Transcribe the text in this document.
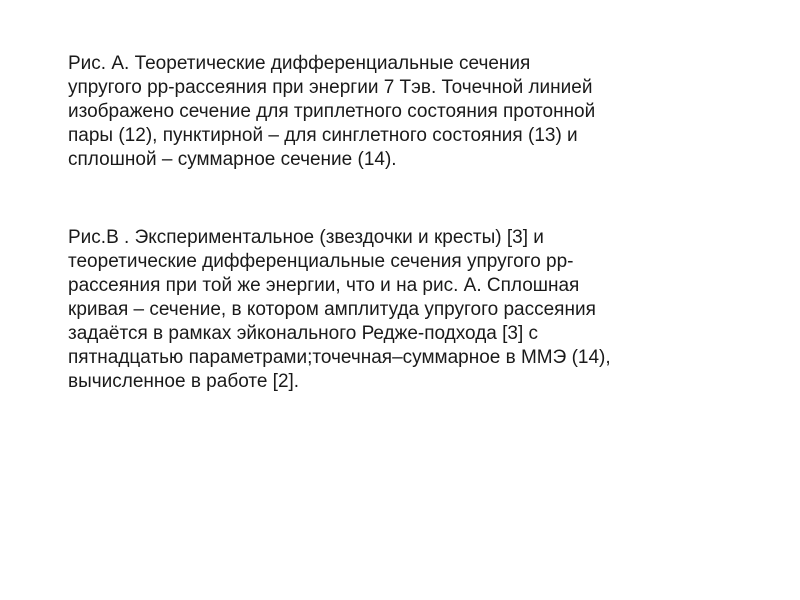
Рис. А. Теоретические дифференциальные сечения
упругого pp-рассеяния при энергии 7 Тэв. Точечной линией
изображено сечение для триплетного состояния протонной
пары (12), пунктирной – для синглетного состояния (13) и
сплошной – суммарное сечение (14).

Рис.В . Экспериментальное (звездочки и кресты) [3] и
теоретические дифференциальные сечения упругого pp-
рассеяния при той же энергии, что и на рис. А. Сплошная
кривая – сечение, в котором амплитуда упругого рассеяния
задаётся в рамках эйконального Редже-подхода [3] с
пятнадцатью параметрами;точечная–суммарное в ММЭ (14),
вычисленное в работе [2].
